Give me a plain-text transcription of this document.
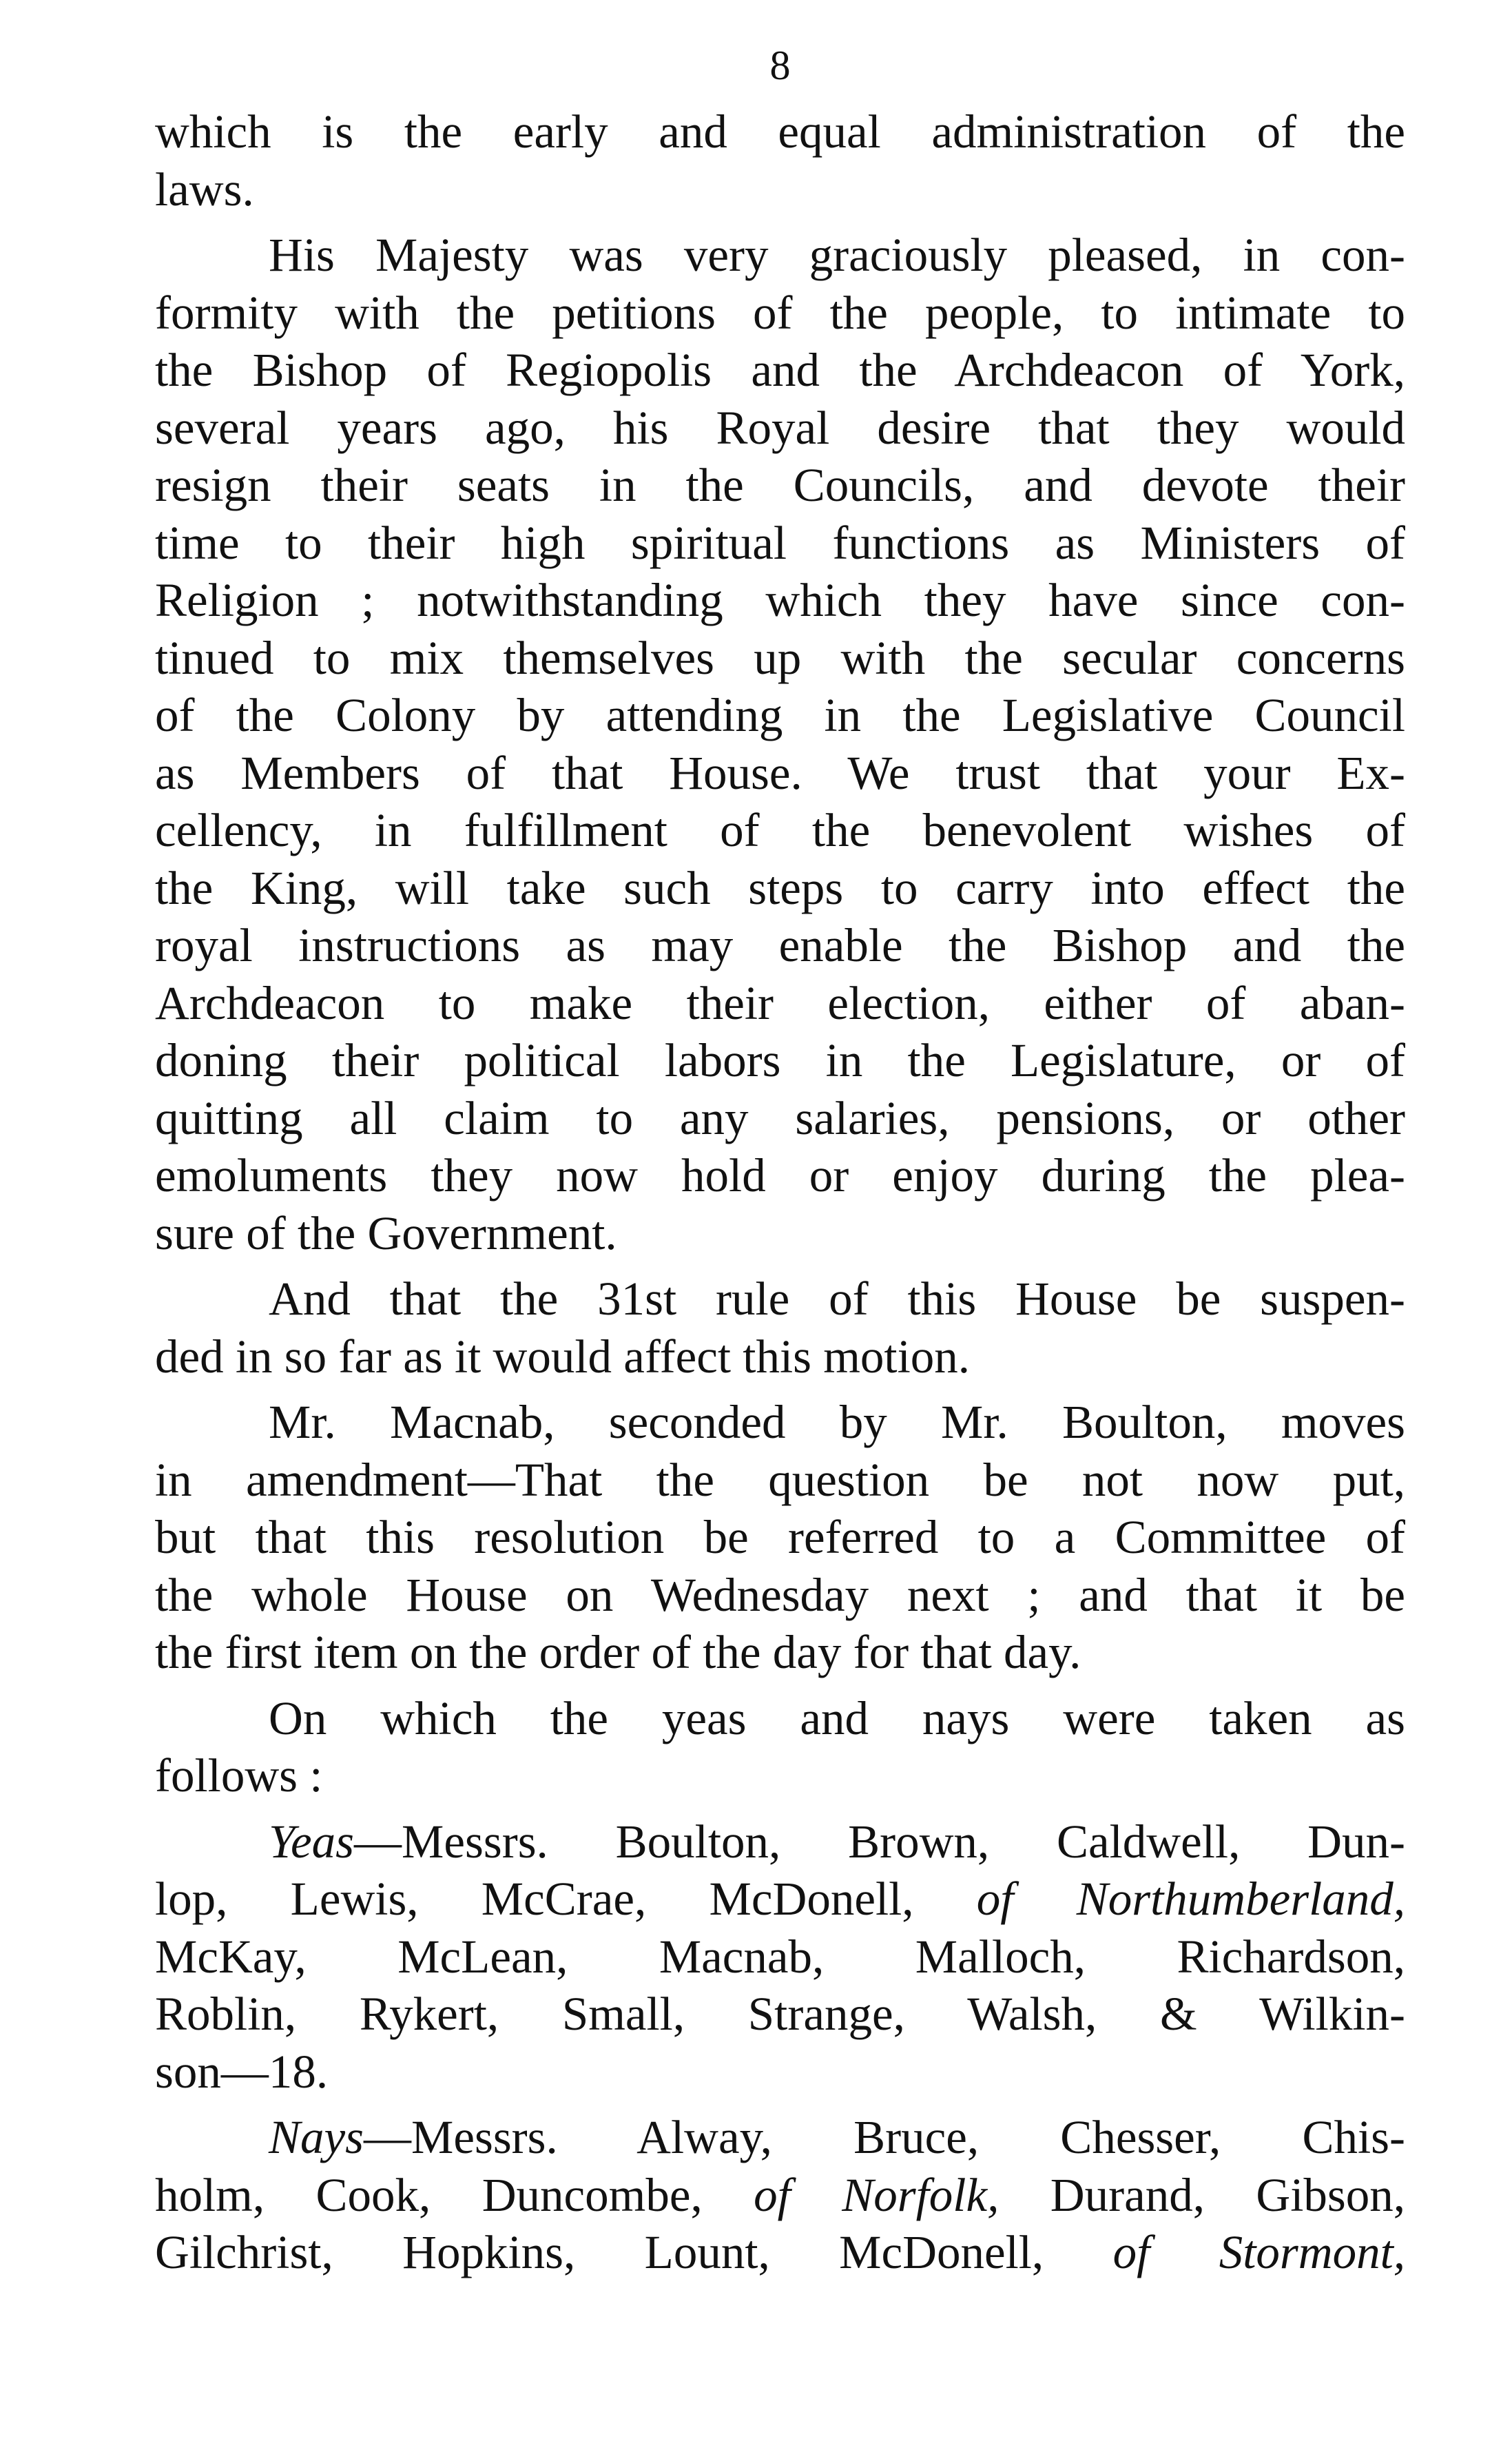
8

which is the early and equal administration of the
laws.

His Majesty was very graciously pleased, in con-
formity with the petitions of the people, to intimate to
the Bishop of Regiopolis and the Archdeacon of York,
several years ago, his Royal desire that they would
resign their seats in the Councils, and devote their
time to their high spiritual functions as Ministers of
Religion ; notwithstanding which they have since con-
tinued to mix themselves up with the secular concerns
of the Colony by attending in the Legislative Council
as Members of that House. We trust that your Ex-
cellency, in fulfillment of the benevolent wishes of
the King, will take such steps to carry into effect the
royal instructions as may enable the Bishop and the
Archdeacon to make their election, either of aban-
doning their political labors in the Legislature, or of
quitting all claim to any salaries, pensions, or other
emoluments they now hold or enjoy during the plea-
sure of the Government.

And that the 31st rule of this House be suspen-
ded in so far as it would affect this motion.

Mr. Macnab, seconded by Mr. Boulton, moves
in amendment—That the question be not now put,
but that this resolution be referred to a Committee of
the whole House on Wednesday next ; and that it be
the first item on the order of the day for that day.

On which the yeas and nays were taken as
follows :

Yeas—Messrs. Boulton, Brown, Caldwell, Dun-
lop, Lewis, McCrae, McDonell, of Northumberland,
McKay, McLean, Macnab, Malloch, Richardson,
Roblin, Rykert, Small, Strange, Walsh, & Wilkin-
son—18.

Nays—Messrs. Alway, Bruce, Chesser, Chis-
holm, Cook, Duncombe, of Norfolk, Durand, Gibson,
Gilchrist, Hopkins, Lount, McDonell, of Stormont,
